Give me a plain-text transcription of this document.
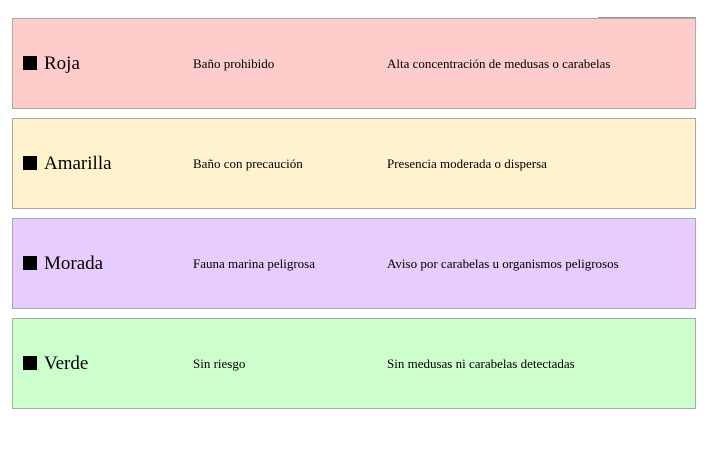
Roja	Baño prohibido	Alta concentración de medusas o carabelas
Amarilla	Baño con precaución	Presencia moderada o dispersa
Morada	Fauna marina peligrosa	Aviso por carabelas u organismos peligrosos
Verde	Sin riesgo	Sin medusas ni carabelas detectadas
